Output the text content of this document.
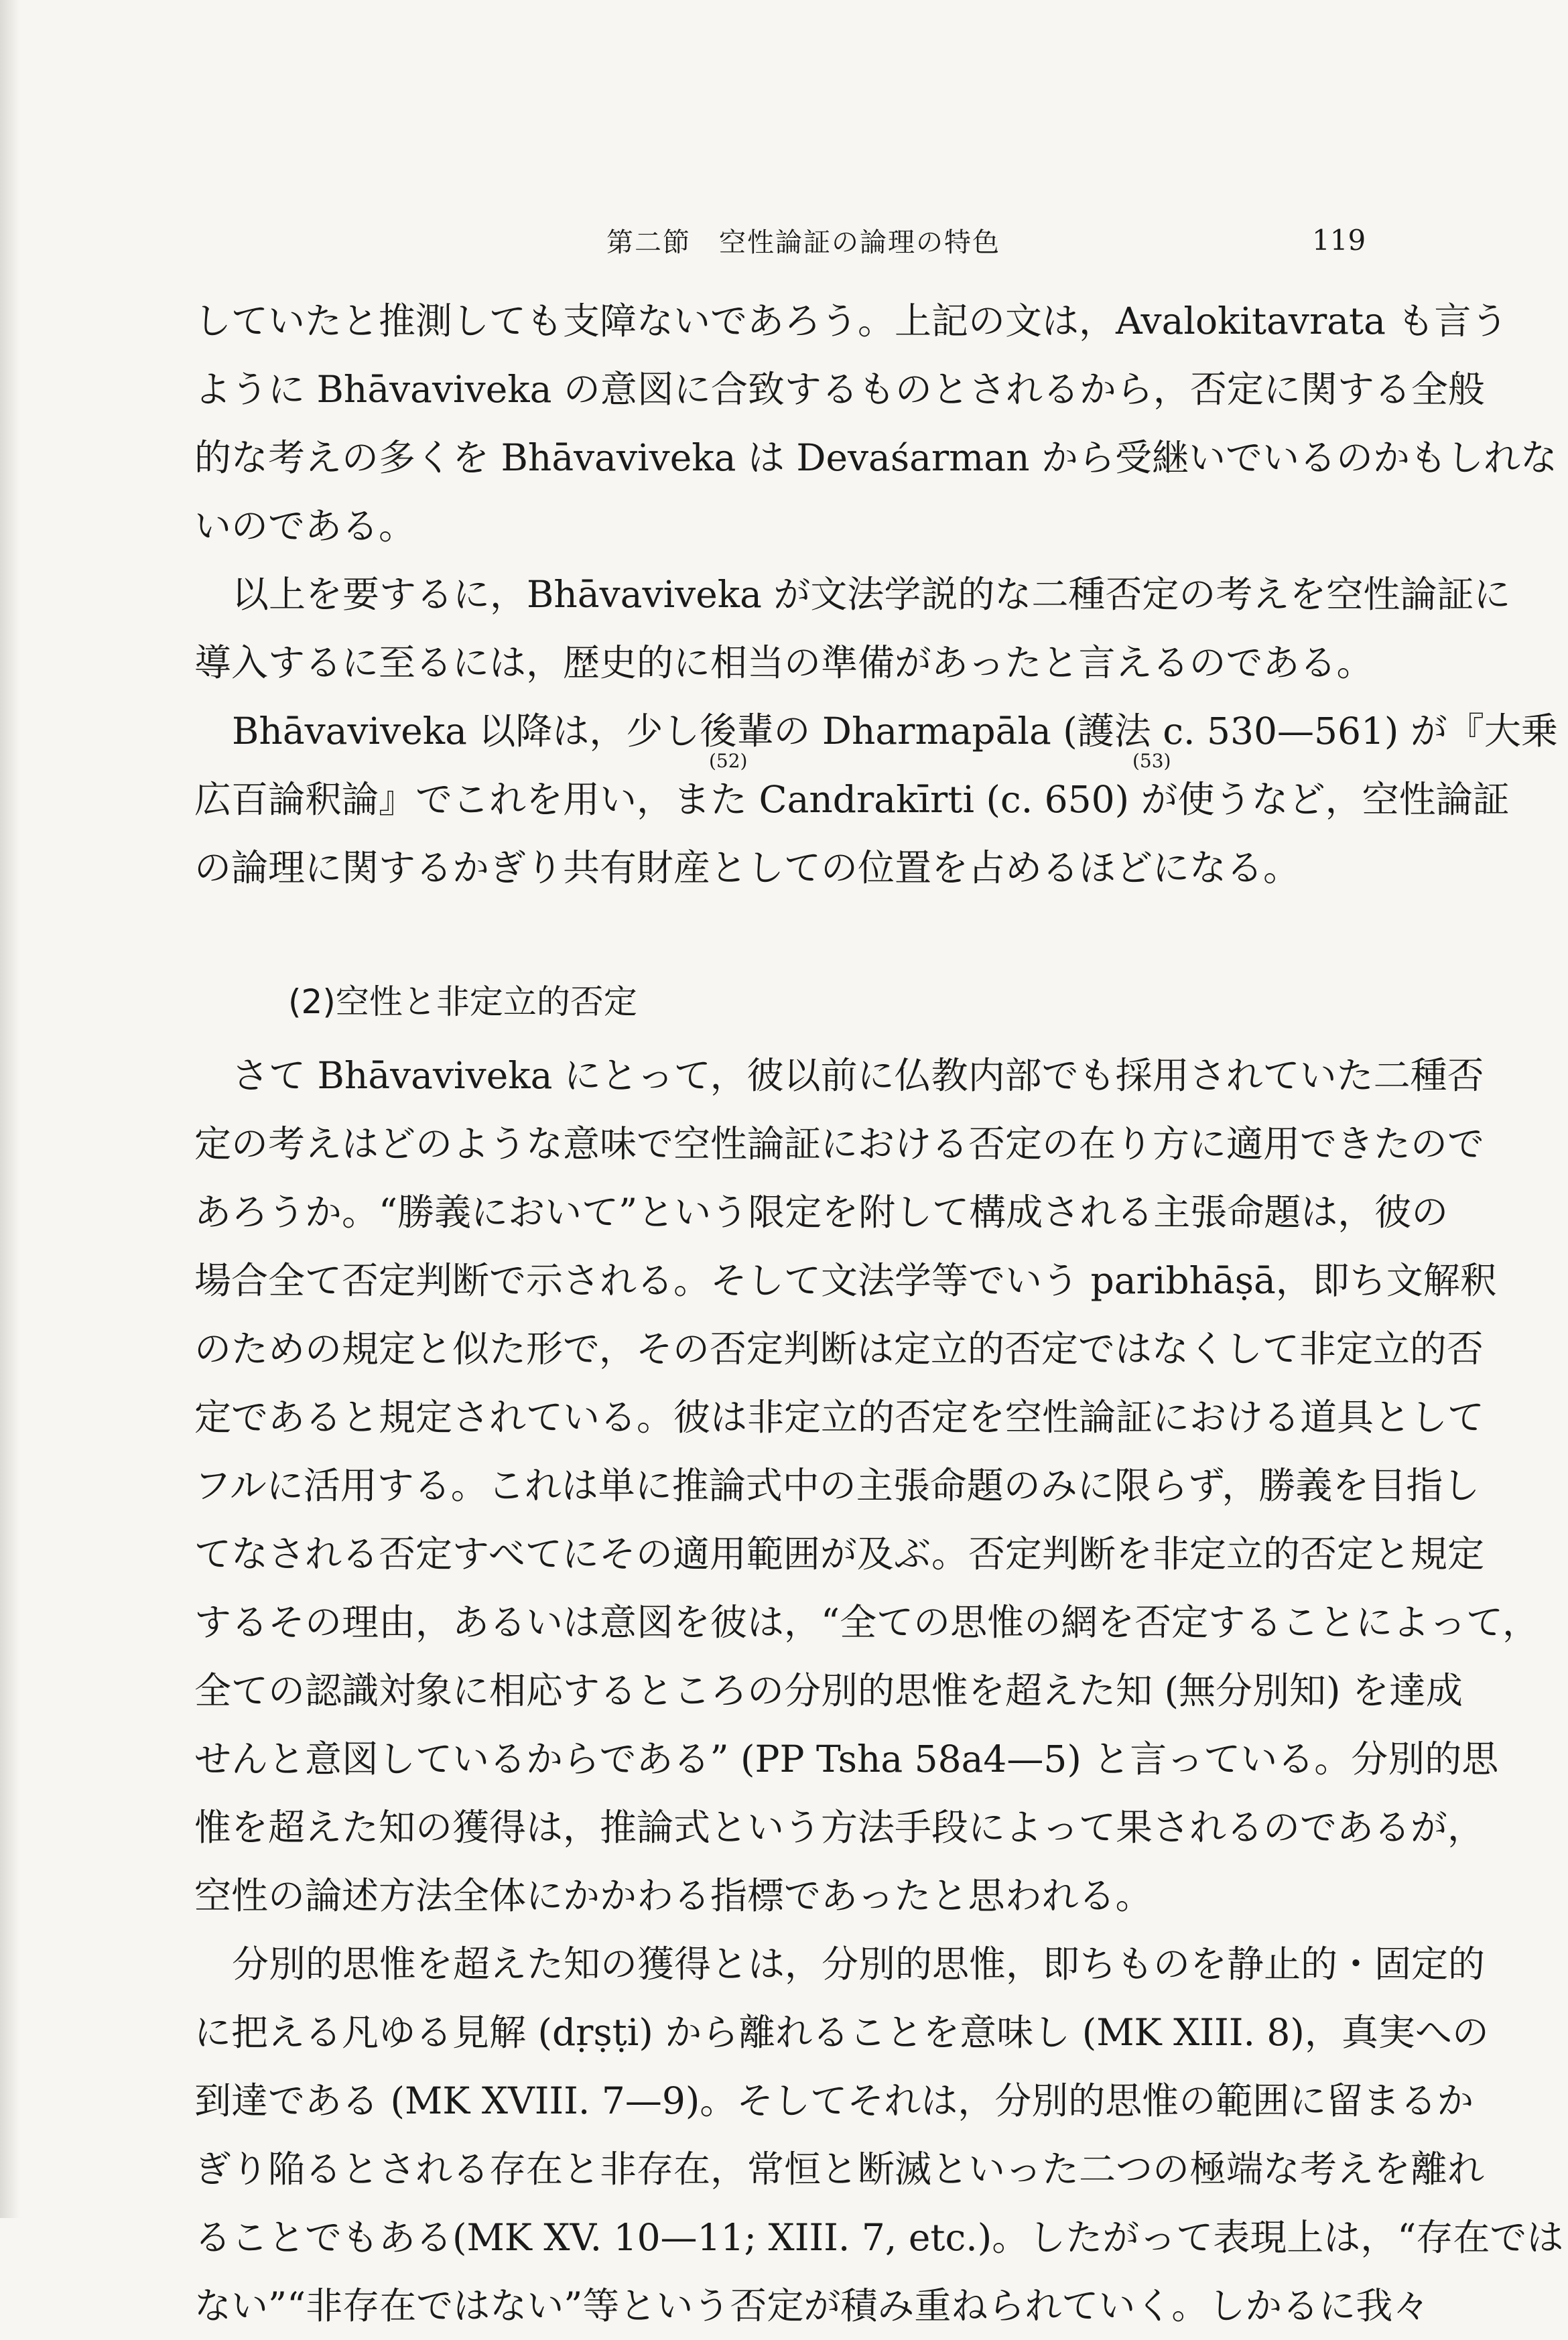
第二節　空性論証の論理の特色	119
していたと推測しても支障ないであろう。上記の文は，Avalokitavrata も言う
ように Bhāvaviveka の意図に合致するものとされるから，否定に関する全般
的な考えの多くを Bhāvaviveka は Devaśarman から受継いでいるのかもしれな
いのである。
以上を要するに，Bhāvaviveka が文法学説的な二種否定の考えを空性論証に
導入するに至るには，歴史的に相当の準備があったと言えるのである。
Bhāvaviveka 以降は，少し後輩の Dharmapāla (護法 c. 530—561) が『大乗
広百論釈論』でこれを用い，また Candrakīrti (c. 650) が使うなど，空性論証
(52)	(53)
の論理に関するかぎり共有財産としての位置を占めるほどになる。
(2)空性と非定立的否定
さて Bhāvaviveka にとって，彼以前に仏教内部でも採用されていた二種否
定の考えはどのような意味で空性論証における否定の在り方に適用できたので
あろうか。“勝義において”という限定を附して構成される主張命題は，彼の
場合全て否定判断で示される。そして文法学等でいう paribhāṣā，即ち文解釈
のための規定と似た形で，その否定判断は定立的否定ではなくして非定立的否
定であると規定されている。彼は非定立的否定を空性論証における道具として
フルに活用する。これは単に推論式中の主張命題のみに限らず，勝義を目指し
てなされる否定すべてにその適用範囲が及ぶ。否定判断を非定立的否定と規定
するその理由，あるいは意図を彼は，“全ての思惟の網を否定することによって，
全ての認識対象に相応するところの分別的思惟を超えた知 (無分別知) を達成
せんと意図しているからである” (PP Tsha 58a4—5) と言っている。分別的思
惟を超えた知の獲得は，推論式という方法手段によって果されるのであるが，
空性の論述方法全体にかかわる指標であったと思われる。
分別的思惟を超えた知の獲得とは，分別的思惟，即ちものを静止的・固定的
に把える凡ゆる見解 (dṛṣṭi) から離れることを意味し (MK XIII. 8)，真実への
到達である (MK XVIII. 7—9)。そしてそれは，分別的思惟の範囲に留まるか
ぎり陥るとされる存在と非存在，常恒と断滅といった二つの極端な考えを離れ
ることでもある(MK XV. 10—11; XIII. 7, etc.)。したがって表現上は，“存在では
ない”“非存在ではない”等という否定が積み重ねられていく。しかるに我々
